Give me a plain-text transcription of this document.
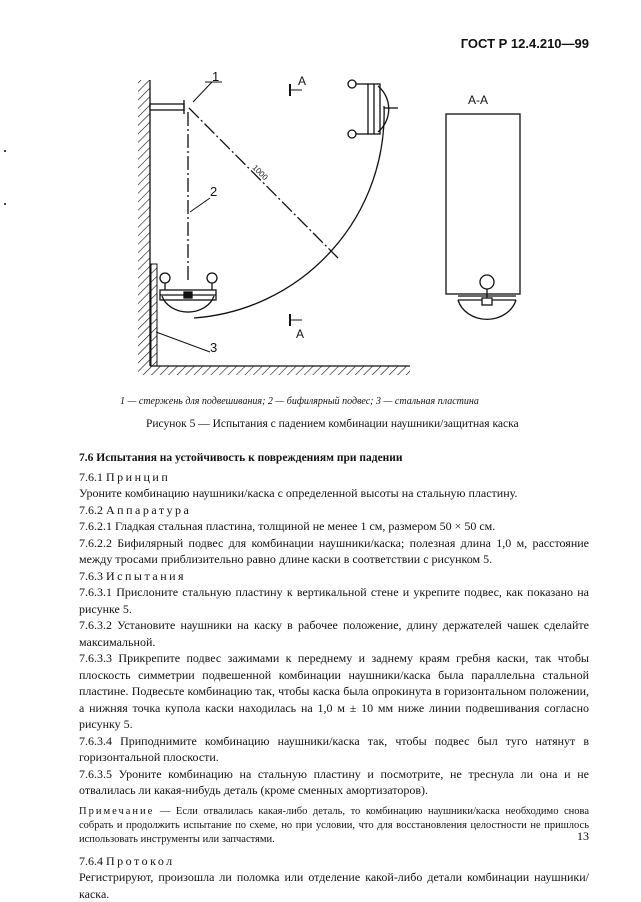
ГОСТ Р 12.4.210—99
1
2
3
1000
A
A
A-A
1 — стержень для подвешивания; 2 — бифилярный подвес; 3 — стальная пластина
Рисунок 5 — Испытания с падением комбинации наушники/защитная каска

7.6 Испытания на устойчивость к повреждениям при падении

7.6.1 Принцип

Уроните комбинацию наушники/каска с определенной высоты на стальную пластину.

7.6.2 Аппаратура

7.6.2.1 Гладкая стальная пластина, толщиной не менее 1 см, размером 50 × 50 см.

7.6.2.2 Бифилярный подвес для комбинации наушники/каска; полезная длина 1,0 м, расстояние между тросами приблизительно равно длине каски в соответствии с рисунком 5.

7.6.3 Испытания

7.6.3.1 Прислоните стальную пластину к вертикальной стене и укрепите подвес, как показано на рисунке 5.

7.6.3.2 Установите наушники на каску в рабочее положение, длину держателей чашек сделайте максимальной.

7.6.3.3 Прикрепите подвес зажимами к переднему и заднему краям гребня каски, так чтобы плоскость симметрии подвешенной комбинации наушники/каска была параллельна стальной пластине. Подвесьте комбинацию так, чтобы каска была опрокинута в горизонтальном положении, а нижняя точка купола каски находилась на 1,0 м ± 10 мм ниже линии подвешивания согласно рисунку 5.

7.6.3.4 Приподнимите комбинацию наушники/каска так, чтобы подвес был туго натянут в горизонтальной плоскости.

7.6.3.5 Уроните комбинацию на стальную пластину и посмотрите, не треснула ли она и не отвалилась ли какая-нибудь деталь (кроме сменных амортизаторов).

Примечание — Если отвалилась какая-либо деталь, то комбинацию наушники/каска необходимо снова собрать и продолжить испытание по схеме, но при условии, что для восстановления целостности не пришлось использовать инструменты или запчастями.

7.6.4 Протокол

Регистрируют, произошла ли поломка или отделение какой-либо детали комбинации наушники/каска.

13
